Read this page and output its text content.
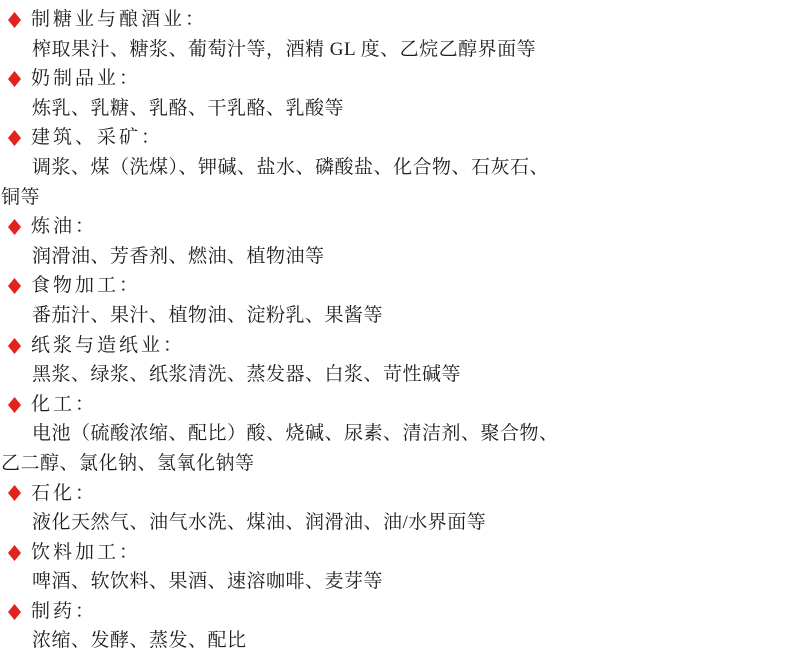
制糖业与酿酒业：
榨取果汁、糖浆、葡萄汁等，酒精 GL 度、乙烷乙醇界面等
奶制品业：
炼乳、乳糖、乳酪、干乳酪、乳酸等
建筑、采矿：
调浆、煤（洗煤）、钾碱、盐水、磷酸盐、化合物、石灰石、
铜等
炼油：
润滑油、芳香剂、燃油、植物油等
食物加工：
番茄汁、果汁、植物油、淀粉乳、果酱等
纸浆与造纸业：
黑浆、绿浆、纸浆清洗、蒸发器、白浆、苛性碱等
化工：
电池（硫酸浓缩、配比）酸、烧碱、尿素、清洁剂、聚合物、
乙二醇、氯化钠、氢氧化钠等
石化：
液化天然气、油气水洗、煤油、润滑油、油/水界面等
饮料加工：
啤酒、软饮料、果酒、速溶咖啡、麦芽等
制药：
浓缩、发酵、蒸发、配比
